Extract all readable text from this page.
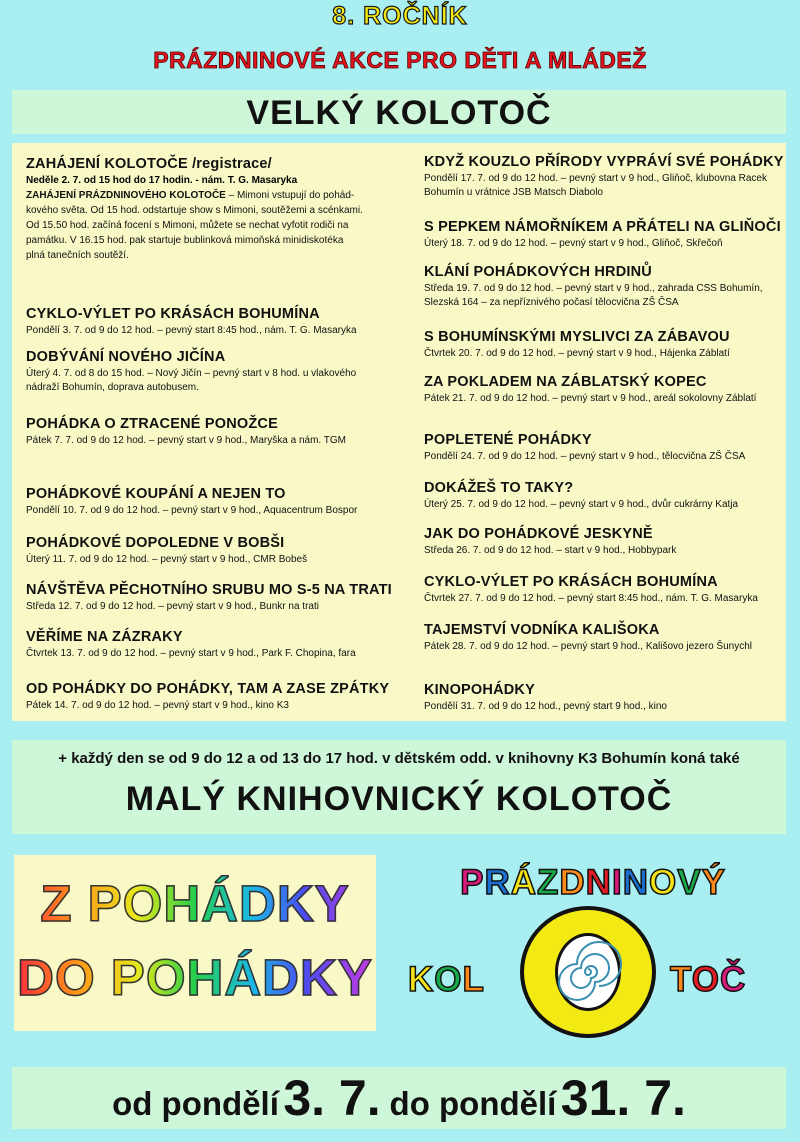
8. ROČNÍK
PRÁZDNINOVÉ AKCE PRO DĚTI A MLÁDEŽ
VELKÝ KOLOTOČ
ZAHÁJENÍ KOLOTOČE /registrace/
Neděle 2. 7. od 15 hod do 17 hodin. - nám. T. G. Masaryka
ZAHÁJENÍ PRÁZDNINOVÉHO KOLOTOČE – Mimoni vstupují do pohád-
kového světa. Od 15 hod. odstartuje show s Mimoni, soutěžemi a scénkami.
Od 15.50 hod. začíná focení s Mimoni, můžete se nechat vyfotit rodiči na
památku. V 16.15 hod. pak startuje bublinková mimoňská minidiskotéka
plná tanečních soutěží.
CYKLO-VÝLET PO KRÁSÁCH BOHUMÍNA
Pondělí 3. 7. od 9 do 12 hod. – pevný start 8:45 hod., nám. T. G. Masaryka
DOBÝVÁNÍ NOVÉHO JIČÍNA
Úterý 4. 7. od 8 do 15 hod. – Nový Jičín – pevný start v 8 hod. u vlakového
nádraží Bohumín, doprava autobusem.
POHÁDKA O ZTRACENÉ PONOŽCE
Pátek 7. 7. od 9 do 12 hod. – pevný start v 9 hod., Maryška a nám. TGM
POHÁDKOVÉ KOUPÁNÍ A NEJEN TO
Pondělí 10. 7. od 9 do 12 hod. – pevný start v 9 hod., Aquacentrum Bospor
POHÁDKOVÉ DOPOLEDNE V BOBŠI
Úterý 11. 7. od 9 do 12 hod. – pevný start v 9 hod., CMR Bobeš
NÁVŠTĚVA PĚCHOTNÍHO SRUBU MO S-5 NA TRATI
Středa 12. 7. od 9 do 12 hod. – pevný start v 9 hod., Bunkr na trati
VĚŘÍME NA ZÁZRAKY
Čtvrtek 13. 7. od 9 do 12 hod. – pevný start v 9 hod., Park F. Chopina, fara
OD POHÁDKY DO POHÁDKY, TAM A ZASE ZPÁTKY
Pátek 14. 7. od 9 do 12 hod. – pevný start v 9 hod., kino K3
KDYŽ KOUZLO PŘÍRODY VYPRÁVÍ SVÉ POHÁDKY
Pondělí 17. 7. od 9 do 12 hod. – pevný start v 9 hod., Gliňoč, klubovna Racek
Bohumín u vrátnice JSB Matsch Diabolo
S PEPKEM NÁMOŘNÍKEM A PŘÁTELI NA GLIŇOČI
Úterý 18. 7. od 9 do 12 hod. – pevný start v 9 hod., Gliňoč, Skřečoň
KLÁNÍ POHÁDKOVÝCH HRDINŮ
Středa 19. 7. od 9 do 12 hod. – pevný start v 9 hod., zahrada CSS Bohumín,
Slezská 164 – za nepříznivého počasí tělocvična ZŠ ČSA
S BOHUMÍNSKÝMI MYSLIVCI ZA ZÁBAVOU
Čtvrtek 20. 7. od 9 do 12 hod. – pevný start v 9 hod., Hájenka Záblatí
ZA POKLADEM NA ZÁBLATSKÝ KOPEC
Pátek 21. 7. od 9 do 12 hod. – pevný start v 9 hod., areál sokolovny Záblatí
POPLETENÉ POHÁDKY
Pondělí 24. 7. od 9 do 12 hod. – pevný start v 9 hod., tělocvična ZŠ ČSA
DOKÁŽEŠ TO TAKY?
Úterý 25. 7. od 9 do 12 hod. – pevný start v 9 hod., dvůr cukrárny Katja
JAK DO POHÁDKOVÉ JESKYNĚ
Středa 26. 7. od 9 do 12 hod. – start v 9 hod., Hobbypark
CYKLO-VÝLET PO KRÁSÁCH BOHUMÍNA
Čtvrtek 27. 7. od 9 do 12 hod. – pevný start 8:45 hod., nám. T. G. Masaryka
TAJEMSTVÍ VODNÍKA KALIŠOKA
Pátek 28. 7. od 9 do 12 hod. – pevný start 9 hod., Kališovo jezero Šunychl
KINOPOHÁDKY
Pondělí 31. 7. od 9 do 12 hod., pevný start 9 hod., kino
+ každý den se od 9 do 12 a od 13 do 17 hod. v dětském odd. v knihovny K3 Bohumín koná také
MALÝ KNIHOVNICKÝ KOLOTOČ
Z POHÁDKY
DO POHÁDKY
PRÁZDNINOVÝ
KOL	TOČ
od pondělí 3. 7. do pondělí 31. 7.
